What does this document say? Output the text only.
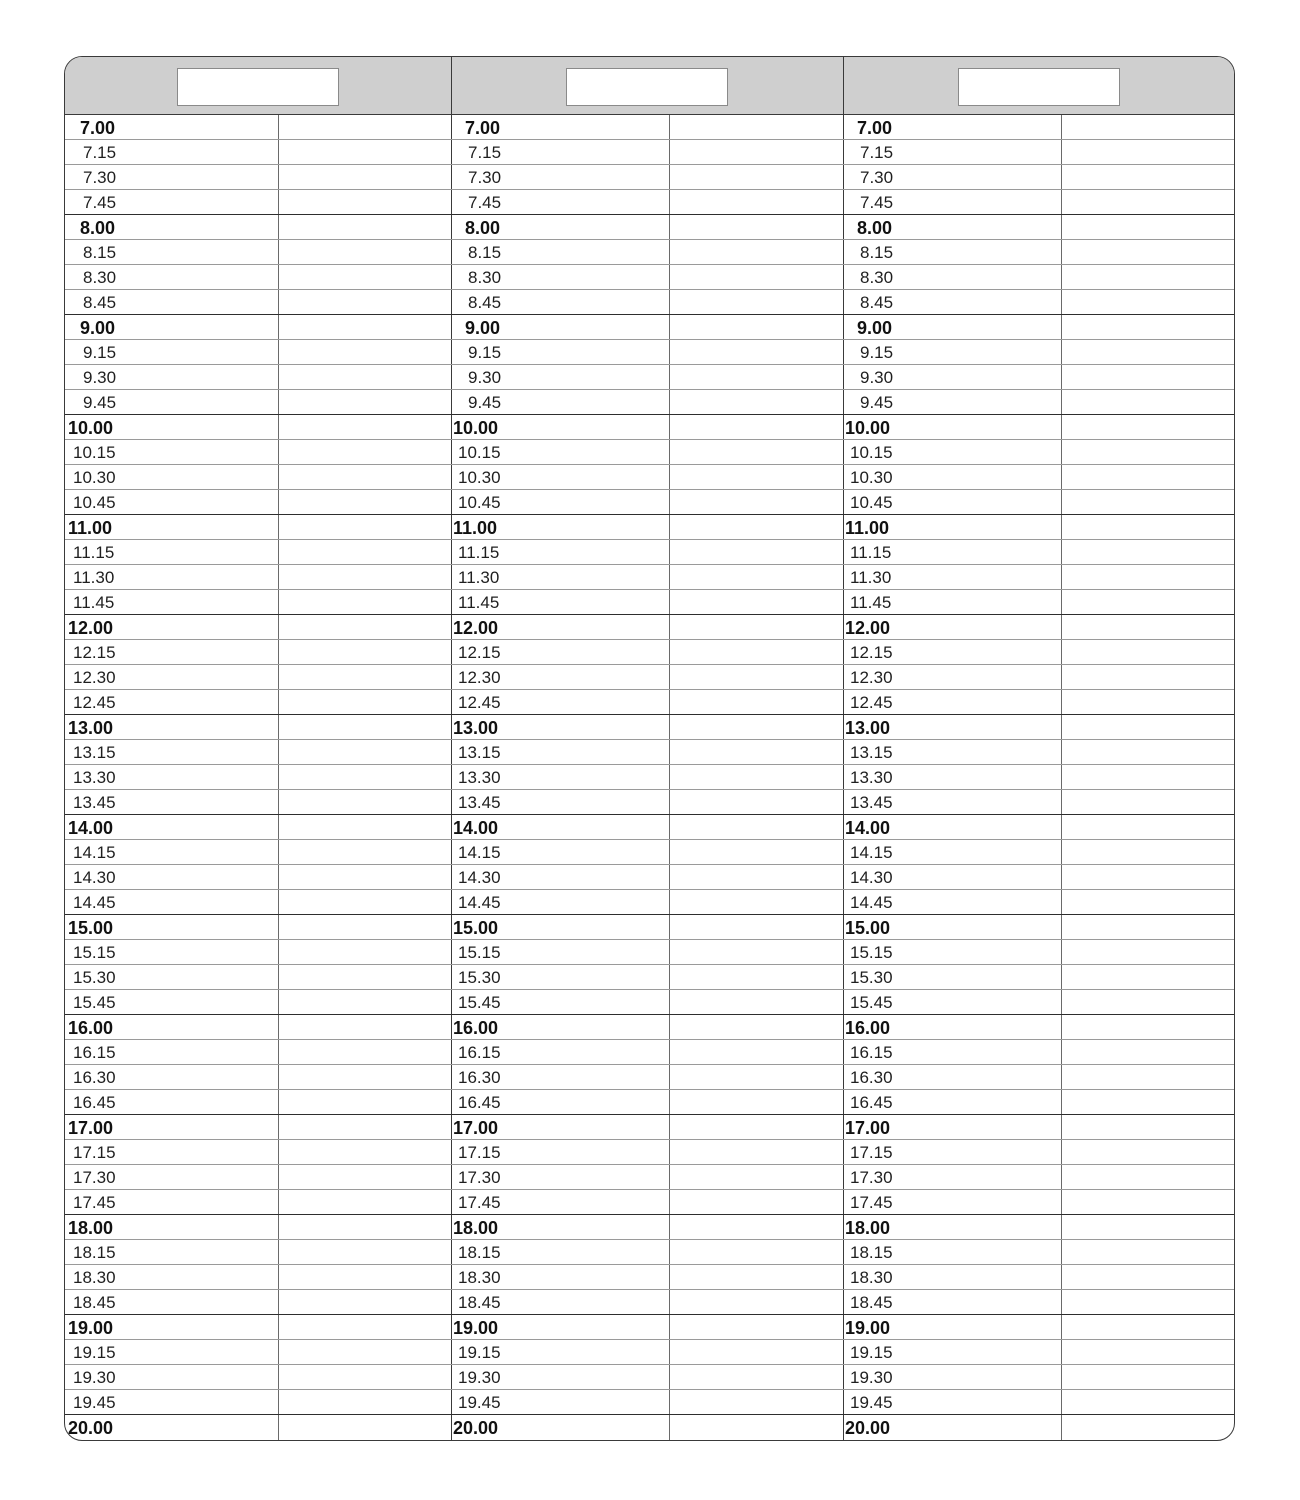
7.00	7.00	7.00
7.15	7.15	7.15
7.30	7.30	7.30
7.45	7.45	7.45
8.00	8.00	8.00
8.15	8.15	8.15
8.30	8.30	8.30
8.45	8.45	8.45
9.00	9.00	9.00
9.15	9.15	9.15
9.30	9.30	9.30
9.45	9.45	9.45
10.00	10.00	10.00
10.15	10.15	10.15
10.30	10.30	10.30
10.45	10.45	10.45
11.00	11.00	11.00
11.15	11.15	11.15
11.30	11.30	11.30
11.45	11.45	11.45
12.00	12.00	12.00
12.15	12.15	12.15
12.30	12.30	12.30
12.45	12.45	12.45
13.00	13.00	13.00
13.15	13.15	13.15
13.30	13.30	13.30
13.45	13.45	13.45
14.00	14.00	14.00
14.15	14.15	14.15
14.30	14.30	14.30
14.45	14.45	14.45
15.00	15.00	15.00
15.15	15.15	15.15
15.30	15.30	15.30
15.45	15.45	15.45
16.00	16.00	16.00
16.15	16.15	16.15
16.30	16.30	16.30
16.45	16.45	16.45
17.00	17.00	17.00
17.15	17.15	17.15
17.30	17.30	17.30
17.45	17.45	17.45
18.00	18.00	18.00
18.15	18.15	18.15
18.30	18.30	18.30
18.45	18.45	18.45
19.00	19.00	19.00
19.15	19.15	19.15
19.30	19.30	19.30
19.45	19.45	19.45
20.00	20.00	20.00
